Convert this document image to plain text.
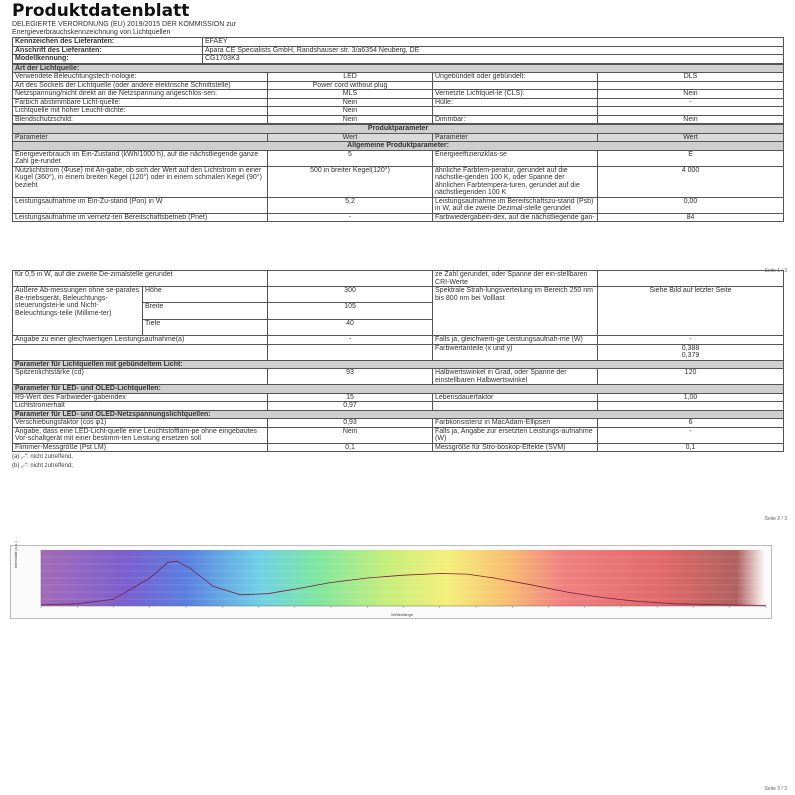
Produktdatenblatt
DELEGIERTE VERORDNUNG (EU) 2019/2015 DER KOMMISSION zur
Energieverbrauchskennzeichnung von Lichtquellen
Kennzeichen des Lieferanten:	EFAEY
Anschrift des Lieferanten:	Apara CE Specialists GmbH, Randshauser str. 3/a6354 Neuberg, DE
Modellkennung:	CG1703K3
Art der Lichtquelle:			
Verwendete Beleuchtungstech-nologie:	LED	Ungebündelt oder gebündelt:	DLS
Art des Sockels der Lichtquelle (oder andere elektrische Schnittstelle)	Power cord without plug		
Netzspannung/nicht direkt an die Netzspannung angeschlos-sen:	MLS	Vernetzte Lichtquel-le (CLS):	Nein
Farbich abstimmbare Licht-quelle:	Nein	Hülle:	-
Lichtquelle mit hoher Leucht-dichte:	Nein		
Blendschutzschild:	Nein	Dimmbar:	Nein
Produktparameter			
Parameter	Wert	Parameter	Wert
Allgemeine Produktparameter:			
Energieverbrauch im Ein-Zustand (kWh/1000 h), auf die nächstliegende ganze Zahl ge-rundet	5	Energieeffizienzklas-se	E
Nutzlichtstrom (Φuse) mit An-gabe, ob sich der Wert auf den Lichtstrom in einer Kugel (360°), in einem breiten Kegel (120°) oder in einem schmalen Kegel (90°) bezieht	500 in breiter Kegel(120°)	ähnliche Farbtem-peratur, gerundet auf die nächstlie-genden 100 K, oder Spanne der ähnlichen Farbtempera-turen, gerundet auf die nächstliegenden 100 K	4 000
Leistungsaufnahme im Ein-Zu-stand (Pon) in W	5,2	Leistungsaufnahme im Bereitschaftszu-stand (Psb) in W, auf die zweite Dezimal-stelle gerundet	0,00
Leistungsaufnahme im vernetz-ten Bereitschaftsbetrieb (Pnet)	-	Farbwiedergabein-dex, auf die nächstliegende gan-	84
Seite 1 / 3
für 0,5 in W, auf die zweite De-zimalstelle gerundet			ze Zahl gerundet, oder Spanne der ein-stellbaren CRI-Werte	
Äußere Ab-messungen ohne se-parates Be-triebsgerät, Beleuchtungs-steuerungstei-le und Nicht-Beleuchtungs-teile (Millime-ter)	Höhe	300	Spektrale Strah-lungsverteilung im Bereich 250 nm bis 800 nm bei Volllast	Siehe Bild auf letzter Seite
	Breite	105		
	Tiefe	40		
Angabe zu einer gleichwertigen Leistungsaufnahme(a)		-	Falls ja, gleichwerti-ge Leistungsaufnah-me (W)	-
			Farbwertanteile (x und y)	0,388
0,379
Parameter für Lichtquellen mit gebündeltem Licht:				
Spitzenlichtstärke (cd)		93	Halbwertswinkel in Grad, oder Spanne der einstellbaren Halbwertswinkel	120
Parameter für LED- und OLED-Lichtquellen:				
R9-Wert des Farbwieder-gabeindex		15	Lebensdauerfaktor	1,00
Lichtstromerhalt		0,97		
Parameter für LED- und OLED-Netzspannungslichtquellen:				
Verschiebungsfaktor (cos φ1)		0,93	Farbkonsistenz in MacAdam-Ellipsen	6
Angabe, dass eine LED-Licht-quelle eine Leuchtstofflam-pe ohne eingebautes Vor-schaltgerät mit einer bestimm-ten Leistung ersetzen soll		Nein	Falls ja, Angabe zur ersetzten Leistungs-aufnahme (W)	-
Flimmer-Messgröße (Pst LM)		0,1	Messgröße für Stro-boskop-Effekte (SVM)	0,1
(a) „-“: nicht zutreffend,
(b) „-“: nicht zutreffend;
Seite 2 / 3
Intensität (a.u.)
Wellenlänge
Seite 3 / 3
